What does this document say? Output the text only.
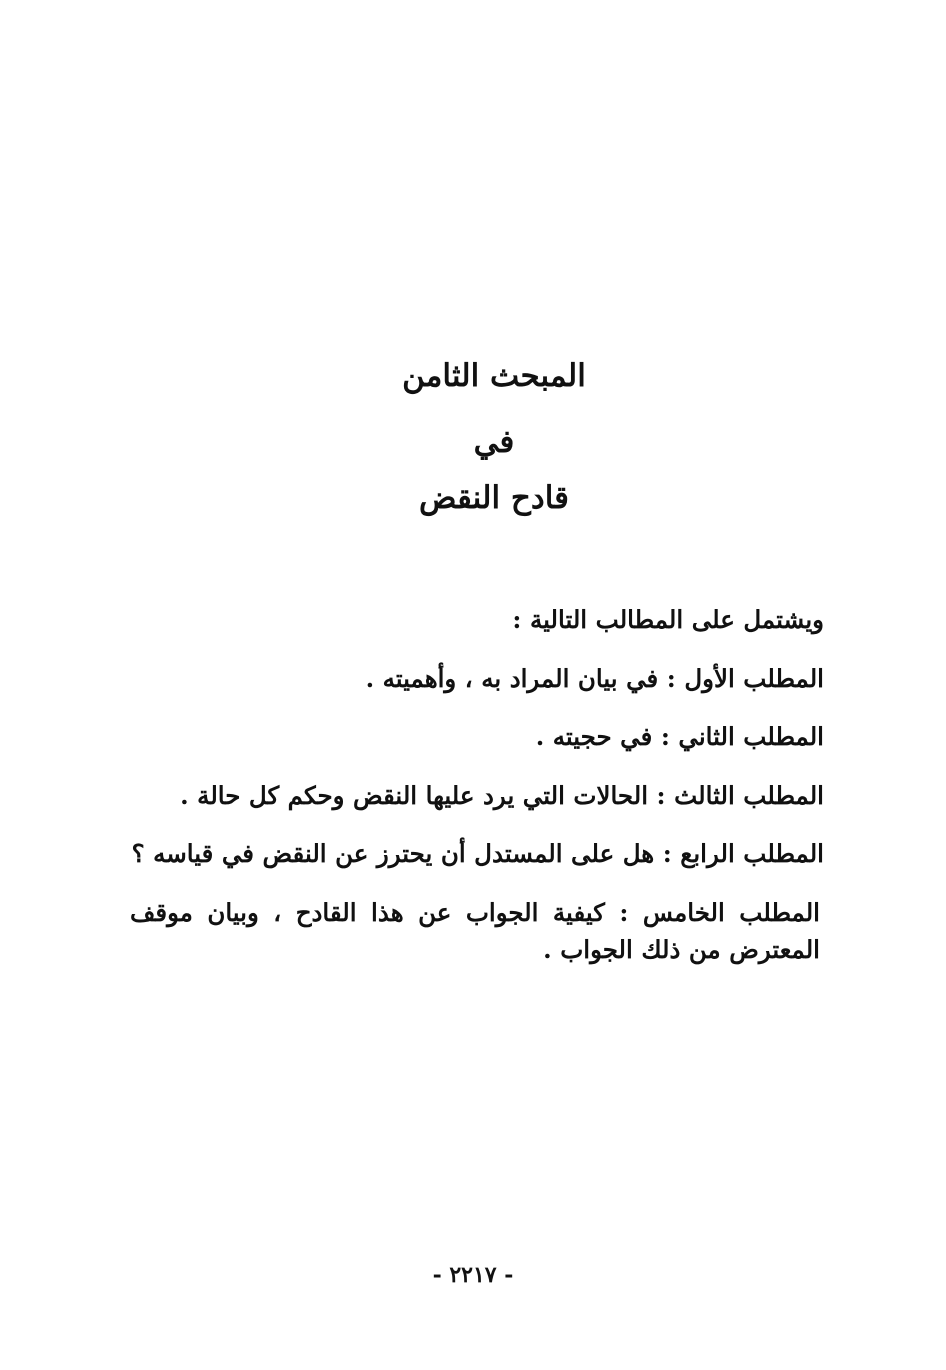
المبحث الثامن
في
قادح النقض

ويشتمل على المطالب التالية :

المطلب الأول : في بيان المراد به ، وأهميته .

المطلب الثاني : في حجيته .

المطلب الثالث : الحالات التي يرد عليها النقض وحكم كل حالة .

المطلب الرابع : هل على المستدل أن يحترز عن النقض في قياسه ؟

المطلب الخامس : كيفية الجواب عن هذا القادح ، وبيان موقف المعترض من ذلك الجواب .

- ٢٢١٧ -
